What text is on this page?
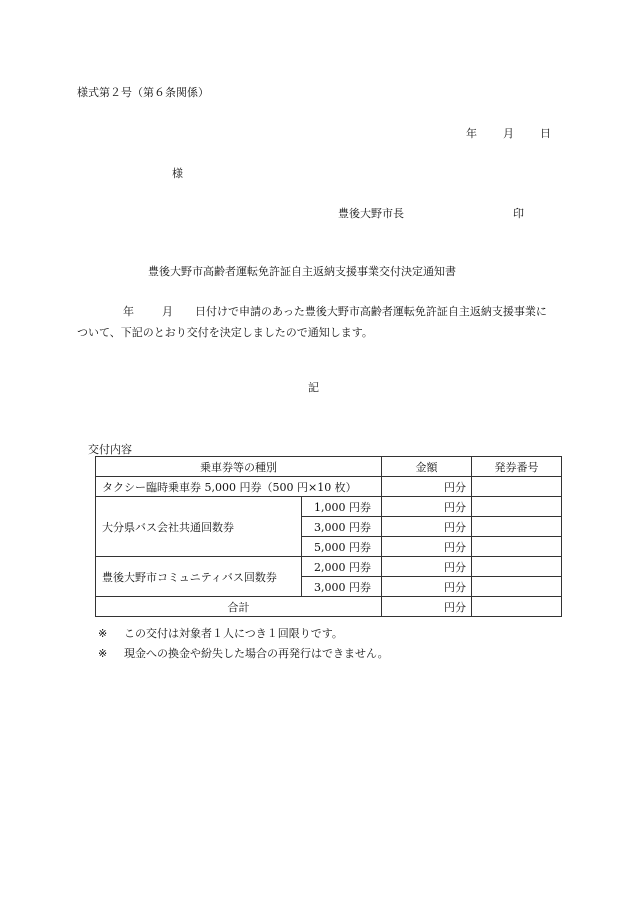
様式第２号（第６条関係）
年 月 日
様
豊後大野市長	印
豊後大野市高齢者運転免許証自主返納支援事業交付決定通知書
年	月 日付けで申請のあった豊後大野市高齢者運転免許証自主返納支援事業について、下記のとおり交付を決定しましたので通知します。
記
交付内容
乗車券等の種別		金額	発券番号
タクシー臨時乗車券 5,000 円券（500 円×10 枚）		円分	
大分県バス会社共通回数券	1,000 円券	円分	
	3,000 円券	円分	
	5,000 円券	円分	
豊後大野市コミュニティバス回数券	2,000 円券	円分	
	3,000 円券	円分	
合計		円分	
※ この交付は対象者１人につき１回限りです。
※ 現金への換金や紛失した場合の再発行はできません。
